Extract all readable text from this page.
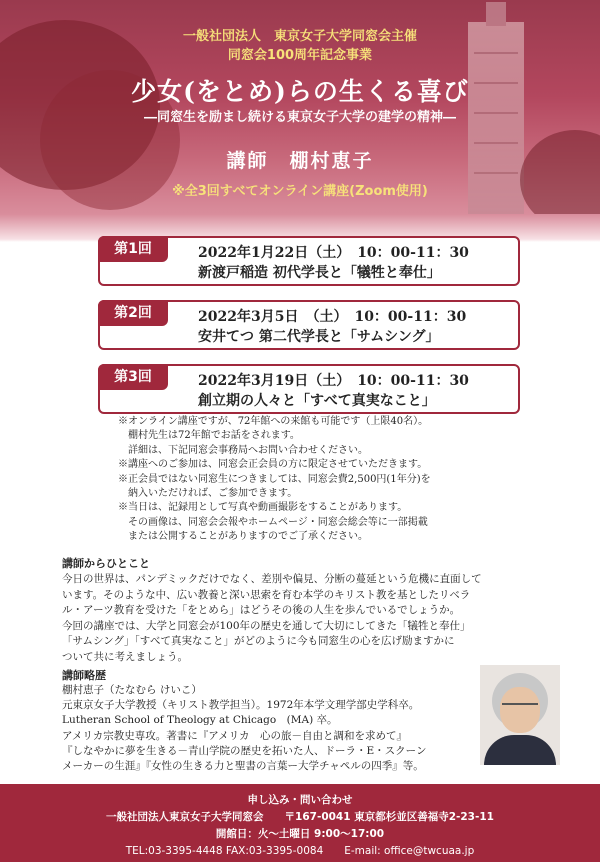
一般社団法人　東京女子大学同窓会主催
同窓会100周年記念事業
少女(をとめ)らの生くる喜び
―同窓生を励まし続ける東京女子大学の建学の精神―
講師　棚村恵子
※全3回すべてオンライン講座(Zoom使用)
第1回	2022年1月22日（土）　10：00-11：30
新渡戸稲造 初代学長と「犠牲と奉仕」
第2回	2022年3月5日　（土）　10：00-11：30
安井てつ 第二代学長と「サムシング」
第3回	2022年3月19日（土）　10：00-11：30
創立期の人々と「すべて真実なこと」
※オンライン講座ですが、72年館への来館も可能です（上限40名）。
　棚村先生は72年館でお話をされます。
　詳細は、下記同窓会事務局へお問い合わせください。
※講座へのご参加は、同窓会正会員の方に限定させていただきます。
※正会員ではない同窓生につきましては、同窓会費2,500円(1年分)を
　納入いただければ、ご参加できます。
※当日は、記録用として写真や動画撮影をすることがあります。
　その画像は、同窓会会報やホームページ・同窓会総会等に一部掲載
　または公開することがありますのでご了承ください。
講師からひとこと
今日の世界は、パンデミックだけでなく、差別や偏見、分断の蔓延という危機に直面して
います。そのような中、広い教養と深い思索を育む本学のキリスト教を基としたリベラ
ル・アーツ教育を受けた「をとめら」はどうその後の人生を歩んでいるでしょうか。
今回の講座では、大学と同窓会が100年の歴史を通して大切にしてきた「犠牲と奉仕」
「サムシング」「すべて真実なこと」がどのように今も同窓生の心を広げ励ますかに
ついて共に考えましょう。
講師略歴
棚村恵子（たなむら けいこ）
元東京女子大学教授（キリスト教学担当）。1972年本学文理学部史学科卒。
Lutheran School of Theology at Chicago　(MA) 卒。
アメリカ宗教史専攻。著書に『アメリカ　心の旅－自由と調和を求めて』
『しなやかに夢を生きる－青山学院の歴史を拓いた人、ドーラ・E・スクーン
メーカーの生涯』『女性の生きる力と聖書の言葉ー大学チャペルの四季』等。
申し込み・問い合わせ
一般社団法人東京女子大学同窓会　　〒167-0041 東京都杉並区善福寺2-23-11
開館日：火～土曜日 9:00～17:00
TEL:03-3395-4448 FAX:03-3395-0084　　E-mail: office@twcuaa.jp
